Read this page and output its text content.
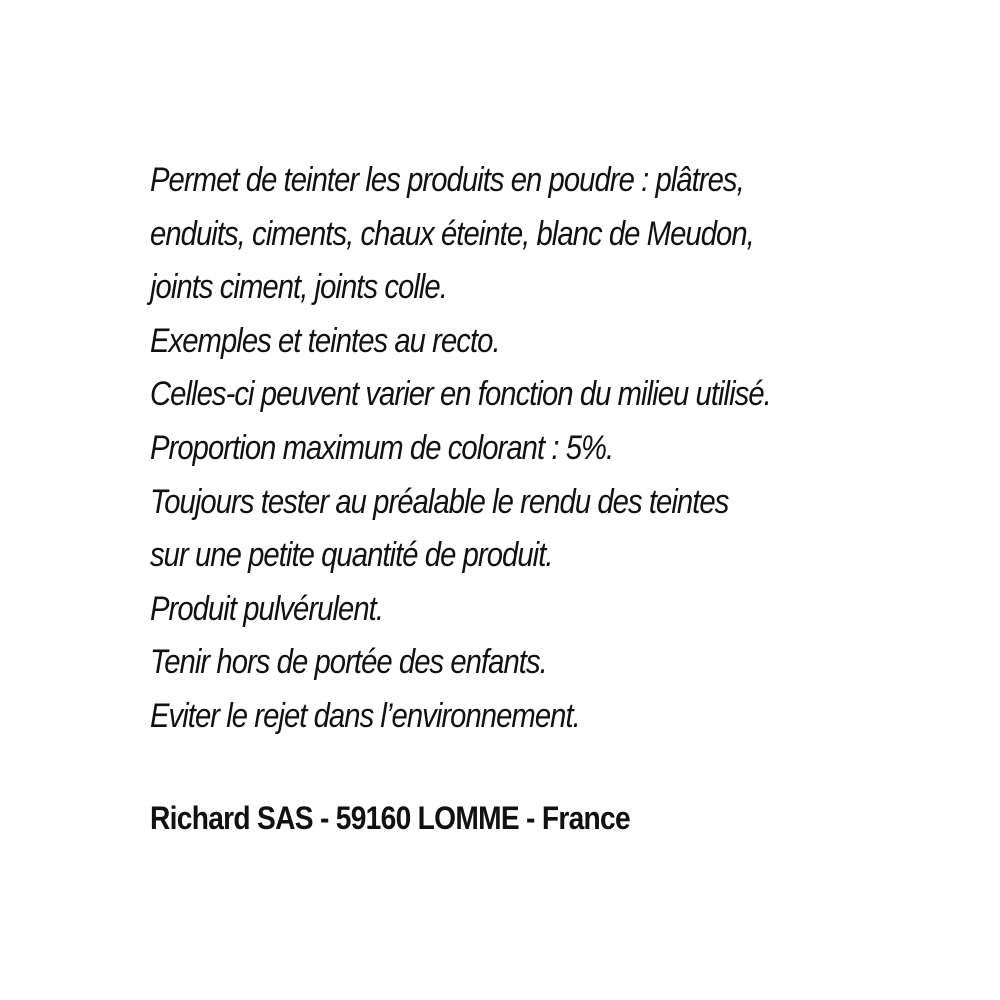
Permet de teinter les produits en poudre : plâtres,
enduits, ciments, chaux éteinte, blanc de Meudon,
joints ciment, joints colle.
Exemples et teintes au recto.
Celles-ci peuvent varier en fonction du milieu utilisé.
Proportion maximum de colorant : 5%.
Toujours tester au préalable le rendu des teintes
sur une petite quantité de produit.
Produit pulvérulent.
Tenir hors de portée des enfants.
Eviter le rejet dans l’environnement.

Richard SAS - 59160 LOMME - France
